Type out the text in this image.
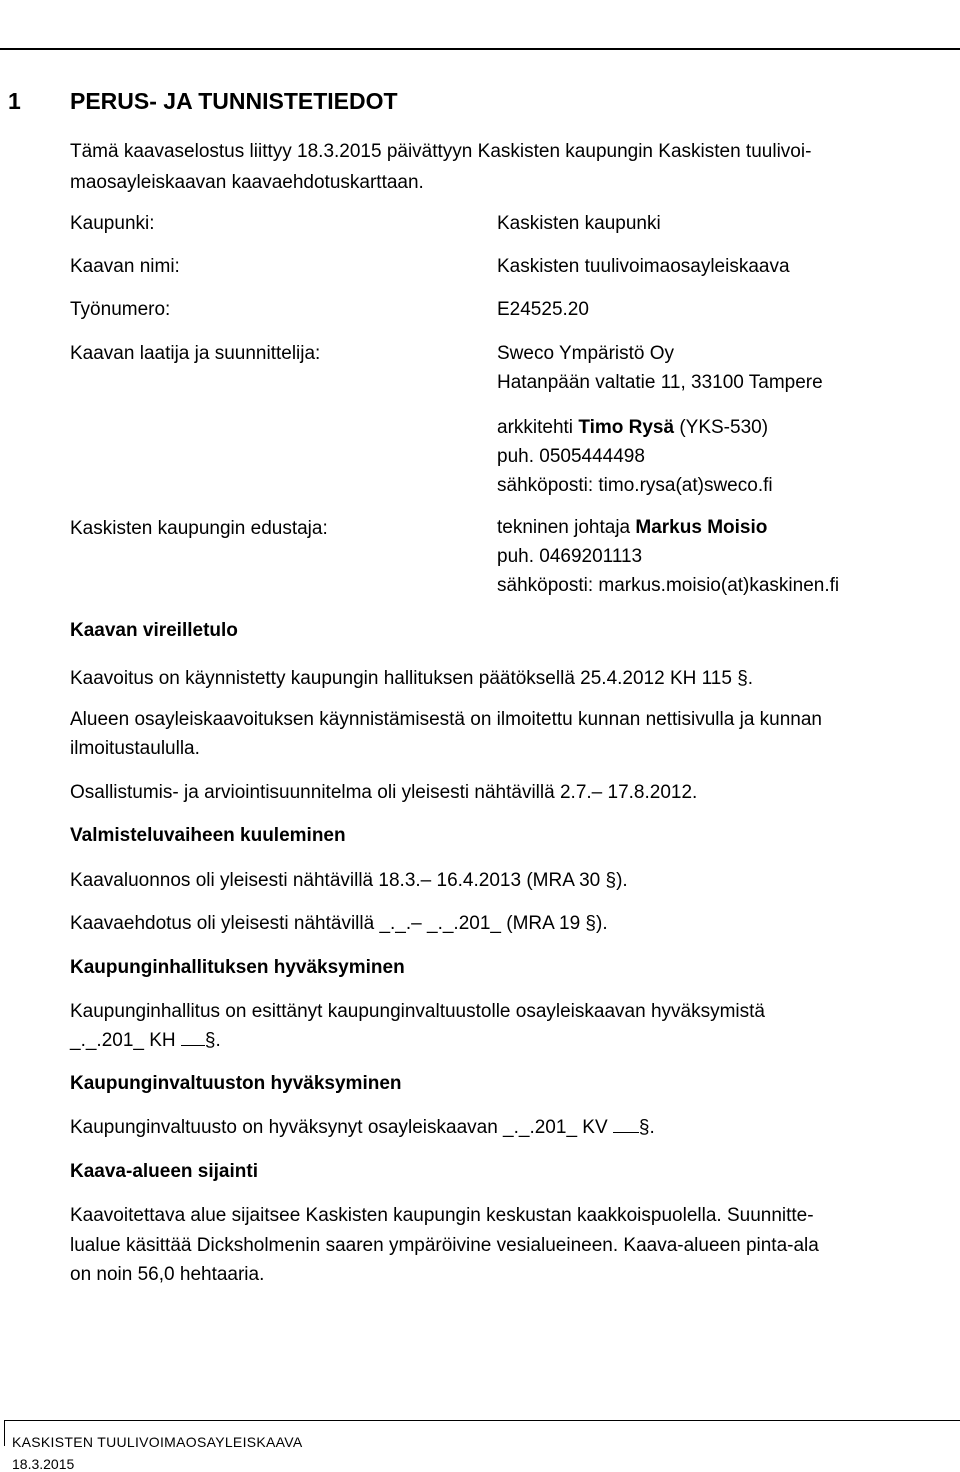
1 PERUS- JA TUNNISTETIEDOT
Tämä kaavaselostus liittyy 18.3.2015 päivättyyn Kaskisten kaupungin Kaskisten tuulivoi-
maosayleiskaavan kaavaehdotuskarttaan.
Kaupunki:	Kaskisten kaupunki
Kaavan nimi:	Kaskisten tuulivoimaosayleiskaava
Työnumero:	E24525.20
Kaavan laatija ja suunnittelija:	Sweco Ympäristö Oy
Hatanpään valtatie 11, 33100 Tampere
arkkitehti Timo Rysä (YKS-530)
puh. 0505444498
sähköposti: timo.rysa(at)sweco.fi
Kaskisten kaupungin edustaja:	tekninen johtaja Markus Moisio
puh. 0469201113
sähköposti: markus.moisio(at)kaskinen.fi
Kaavan vireilletulo
Kaavoitus on käynnistetty kaupungin hallituksen päätöksellä 25.4.2012 KH 115 §.
Alueen osayleiskaavoituksen käynnistämisestä on ilmoitettu kunnan nettisivulla ja kunnan
ilmoitustaululla.
Osallistumis- ja arviointisuunnitelma oli yleisesti nähtävillä 2.7.– 17.8.2012.
Valmisteluvaiheen kuuleminen
Kaavaluonnos oli yleisesti nähtävillä 18.3.– 16.4.2013 (MRA 30 §).
Kaavaehdotus oli yleisesti nähtävillä _._.– _._.201_ (MRA 19 §).
Kaupunginhallituksen hyväksyminen
Kaupunginhallitus on esittänyt kaupunginvaltuustolle osayleiskaavan hyväksymistä
_._.201_ KH §.
Kaupunginvaltuuston hyväksyminen
Kaupunginvaltuusto on hyväksynyt osayleiskaavan _._.201_ KV §.
Kaava-alueen sijainti
Kaavoitettava alue sijaitsee Kaskisten kaupungin keskustan kaakkoispuolella. Suunnitte-
lualue käsittää Dicksholmenin saaren ympäröivine vesialueineen. Kaava-alueen pinta-ala
on noin 56,0 hehtaaria.
KASKISTEN TUULIVOIMAOSAYLEISKAAVA
18.3.2015
